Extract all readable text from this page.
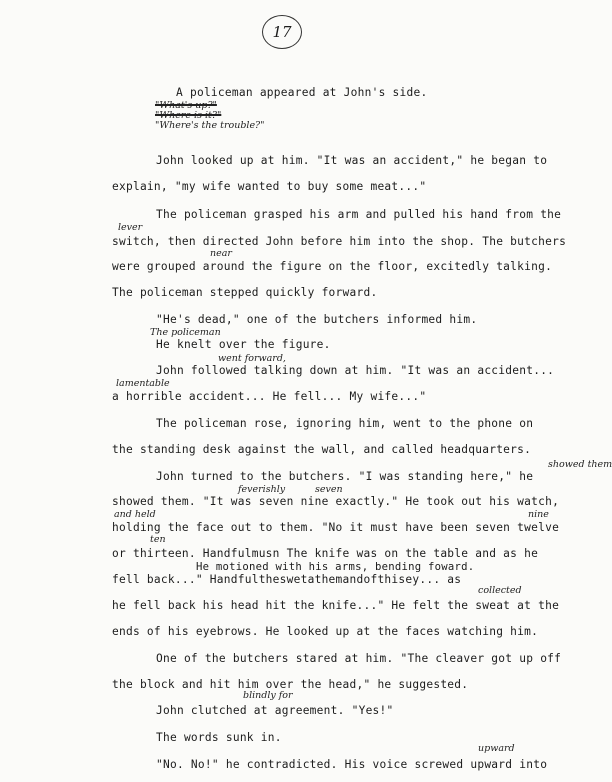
17
"What's up?"
"Where is it?"
"Where's the trouble?"
A policeman appeared at John's side.
John looked up at him. "It was an accident," he began to
explain, "my wife wanted to buy some meat..."
The policeman grasped his arm and pulled his hand from the
lever
switch, then directed John before him into the shop. The butchers
near
were grouped around the figure on the floor, excitedly talking.
The policeman stepped quickly forward.
"He's dead," one of the butchers informed him.
The policeman
He knelt over the figure.
went forward,
John followed talking down at him. "It was an accident...
lamentable
a horrible accident... He fell... My wife..."
The policeman rose, ignoring him, went to the phone on
the standing desk against the wall, and called headquarters.
John turned to the butchers. "I was standing here," he
showed them
feverishly	seven
showed them. "It was seven nine exactly." He took out his watch,
and held	nine
holding the face out to them. "No it must have been seven twelve
ten
or thirteen. Handfulmusn The knife was on the table and as he
He motioned with his arms, bending foward.
fell back..." Handfultheswetathemandofthisey... as
collected
he fell back his head hit the knife..." He felt the sweat at the
ends of his eyebrows. He looked up at the faces watching him.
One of the butchers stared at him. "The cleaver got up off
the block and hit him over the head," he suggested.
blindly for
John clutched at agreement. "Yes!"
The words sunk in.
upward
"No. No!" he contradicted. His voice screwed upward into
